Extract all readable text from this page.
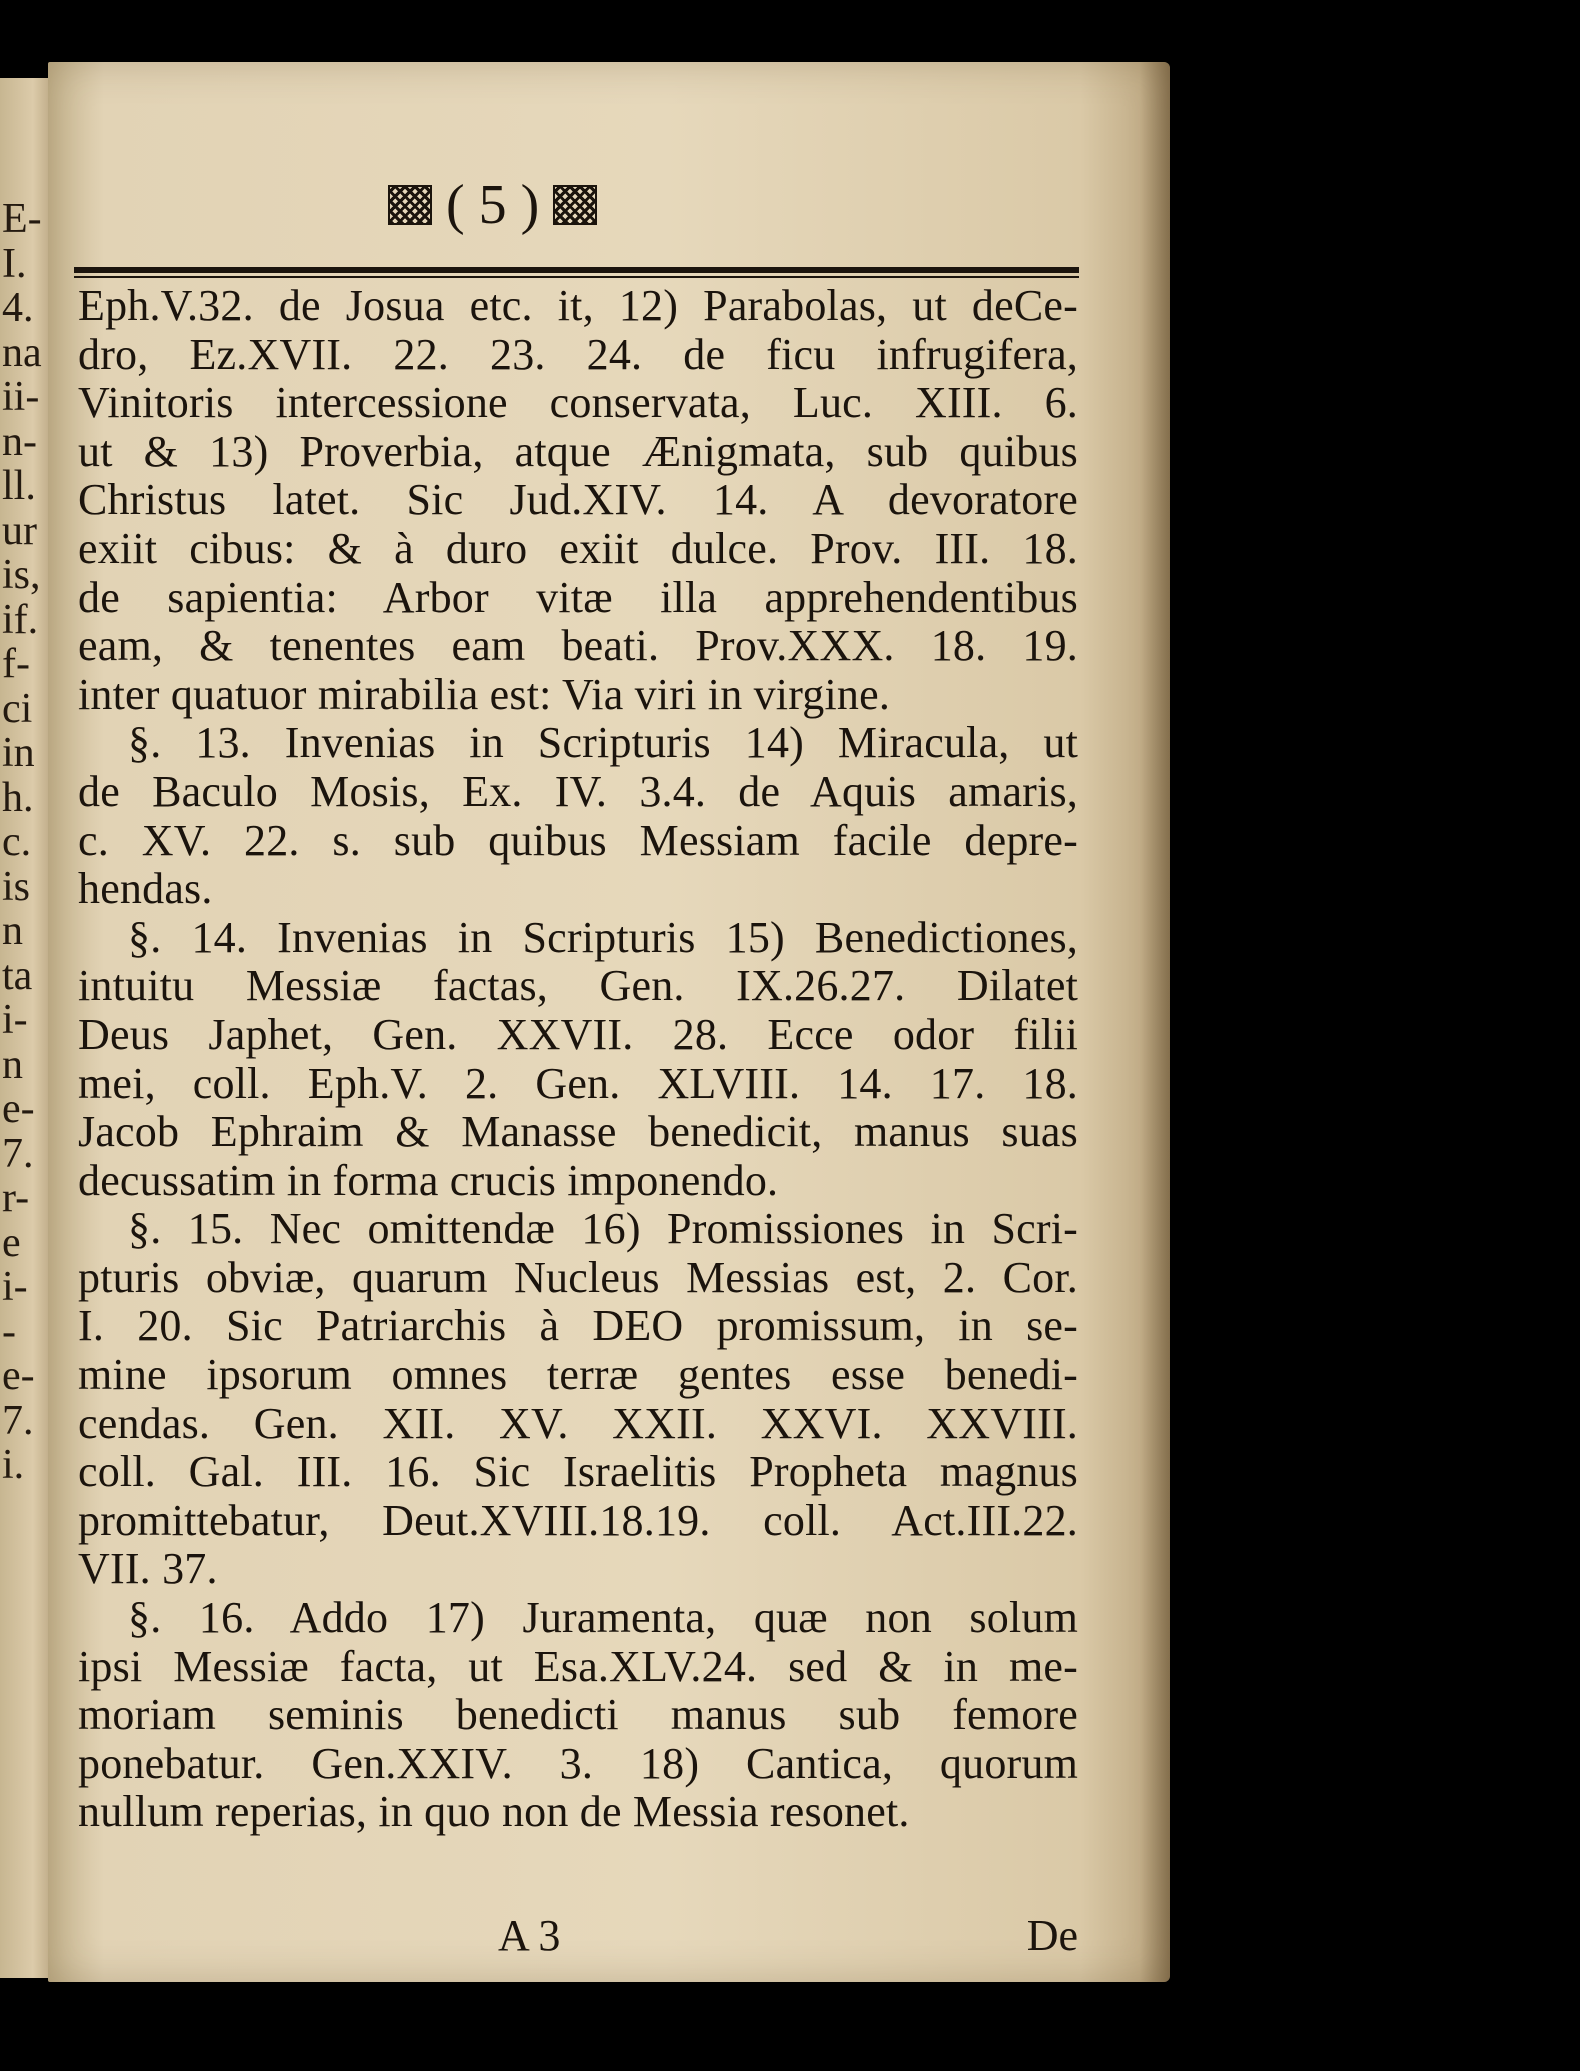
E-
I.
4.
na
ii-
n-
ll.
ur
is,
if.
f-
ci
in
h.
c.
is
n
ta
i-
n
e-
7.
r-
e
i-
-
e-
7.
i.
( 5 )
Eph.V.32. de Josua etc. it, 12) Parabolas, ut deCe-
dro, Ez.XVII. 22. 23. 24. de ficu infrugifera,
Vinitoris intercessione conservata, Luc. XIII. 6.
ut & 13) Proverbia, atque Ænigmata, sub quibus
Christus latet. Sic Jud.XIV. 14. A devoratore
exiit cibus: & à duro exiit dulce. Prov. III. 18.
de sapientia: Arbor vitæ illa apprehendentibus
eam, & tenentes eam beati. Prov.XXX. 18. 19.
inter quatuor mirabilia est: Via viri in virgine.
§. 13. Invenias in Scripturis 14) Miracula, ut
de Baculo Mosis, Ex. IV. 3.4. de Aquis amaris,
c. XV. 22. s. sub quibus Messiam facile depre-
hendas.
§. 14. Invenias in Scripturis 15) Benedictiones,
intuitu Messiæ factas, Gen. IX.26.27. Dilatet
Deus Japhet, Gen. XXVII. 28. Ecce odor filii
mei, coll. Eph.V. 2. Gen. XLVIII. 14. 17. 18.
Jacob Ephraim & Manasse benedicit, manus suas
decussatim in forma crucis imponendo.
§. 15. Nec omittendæ 16) Promissiones in Scri-
pturis obviæ, quarum Nucleus Messias est, 2. Cor.
I. 20. Sic Patriarchis à DEO promissum, in se-
mine ipsorum omnes terræ gentes esse benedi-
cendas. Gen. XII. XV. XXII. XXVI. XXVIII.
coll. Gal. III. 16. Sic Israelitis Propheta magnus
promittebatur, Deut.XVIII.18.19. coll. Act.III.22.
VII. 37.
§. 16. Addo 17) Juramenta, quæ non solum
ipsi Messiæ facta, ut Esa.XLV.24. sed & in me-
moriam seminis benedicti manus sub femore
ponebatur. Gen.XXIV. 3. 18) Cantica, quorum
nullum reperias, in quo non de Messia resonet.
A 3	De
